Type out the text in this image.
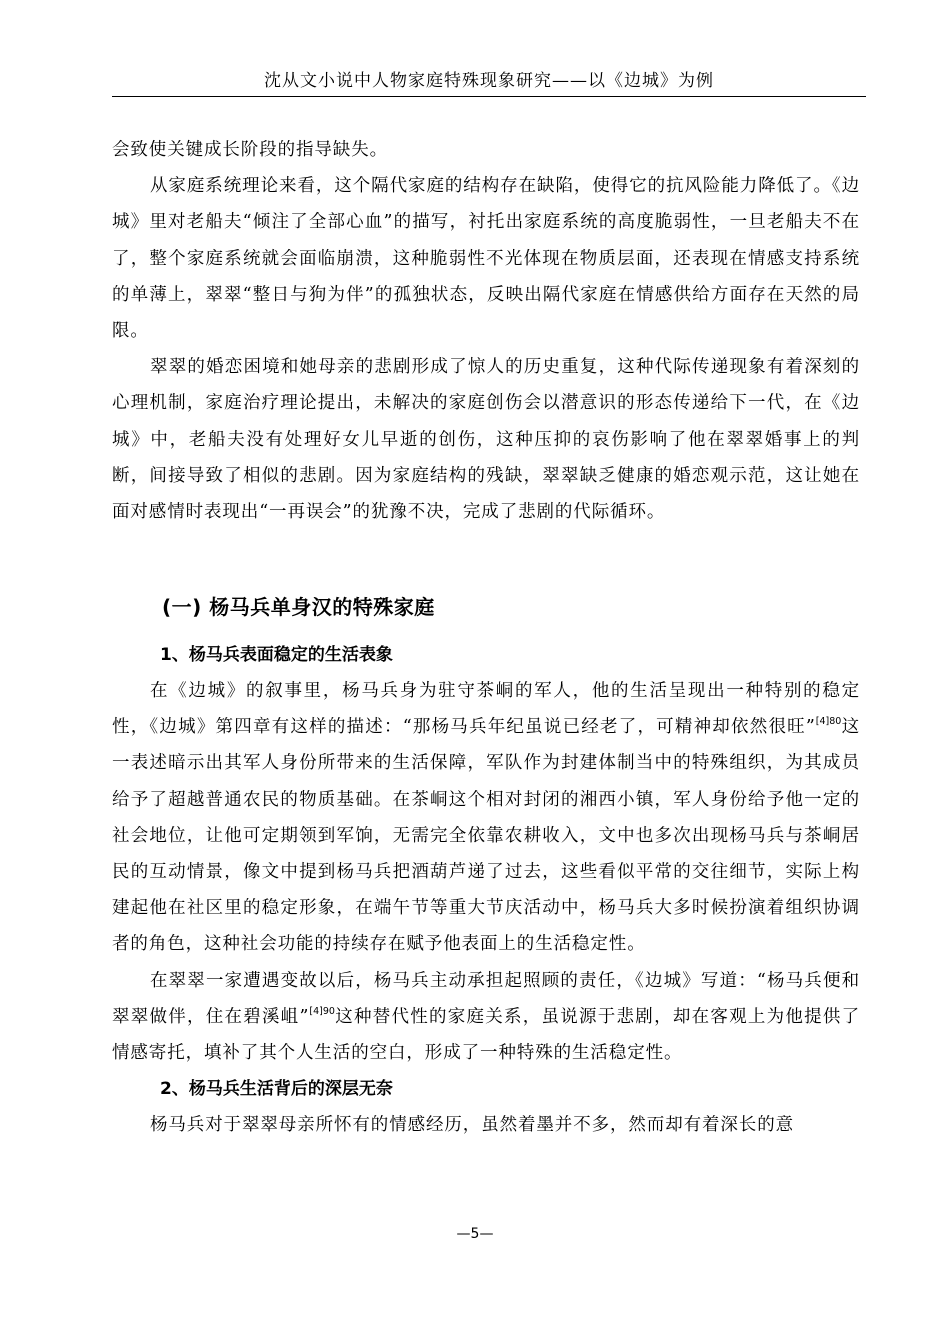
沈从文小说中人物家庭特殊现象研究——以《边城》为例

会致使关键成长阶段的指导缺失。

从家庭系统理论来看，这个隔代家庭的结构存在缺陷，使得它的抗风险能力降低了。《边城》里对老船夫“倾注了全部心血”的描写，衬托出家庭系统的高度脆弱性，一旦老船夫不在了，整个家庭系统就会面临崩溃，这种脆弱性不光体现在物质层面，还表现在情感支持系统的单薄上，翠翠“整日与狗为伴”的孤独状态，反映出隔代家庭在情感供给方面存在天然的局限。

翠翠的婚恋困境和她母亲的悲剧形成了惊人的历史重复，这种代际传递现象有着深刻的心理机制，家庭治疗理论提出，未解决的家庭创伤会以潜意识的形态传递给下一代，在《边城》中，老船夫没有处理好女儿早逝的创伤，这种压抑的哀伤影响了他在翠翠婚事上的判断，间接导致了相似的悲剧。因为家庭结构的残缺，翠翠缺乏健康的婚恋观示范，这让她在面对感情时表现出“一再误会”的犹豫不决，完成了悲剧的代际循环。

(一) 杨马兵单身汉的特殊家庭
1、杨马兵表面稳定的生活表象

在《边城》的叙事里，杨马兵身为驻守茶峒的军人，他的生活呈现出一种特别的稳定性，《边城》第四章有这样的描述：“那杨马兵年纪虽说已经老了，可精神却依然很旺”$^{[4]80}$这一表述暗示出其军人身份所带来的生活保障，军队作为封建体制当中的特殊组织，为其成员给予了超越普通农民的物质基础。在茶峒这个相对封闭的湘西小镇，军人身份给予他一定的社会地位，让他可定期领到军饷，无需完全依靠农耕收入，文中也多次出现杨马兵与茶峒居民的互动情景，像文中提到杨马兵把酒葫芦递了过去，这些看似平常的交往细节，实际上构建起他在社区里的稳定形象，在端午节等重大节庆活动中，杨马兵大多时候扮演着组织协调者的角色，这种社会功能的持续存在赋予他表面上的生活稳定性。

在翠翠一家遭遇变故以后，杨马兵主动承担起照顾的责任，《边城》写道：“杨马兵便和翠翠做伴，住在碧溪岨”$^{[4]90}$这种替代性的家庭关系，虽说源于悲剧，却在客观上为他提供了情感寄托，填补了其个人生活的空白，形成了一种特殊的生活稳定性。

2、杨马兵生活背后的深层无奈

杨马兵对于翠翠母亲所怀有的情感经历，虽然着墨并不多，然而却有着深长的意

—5—
